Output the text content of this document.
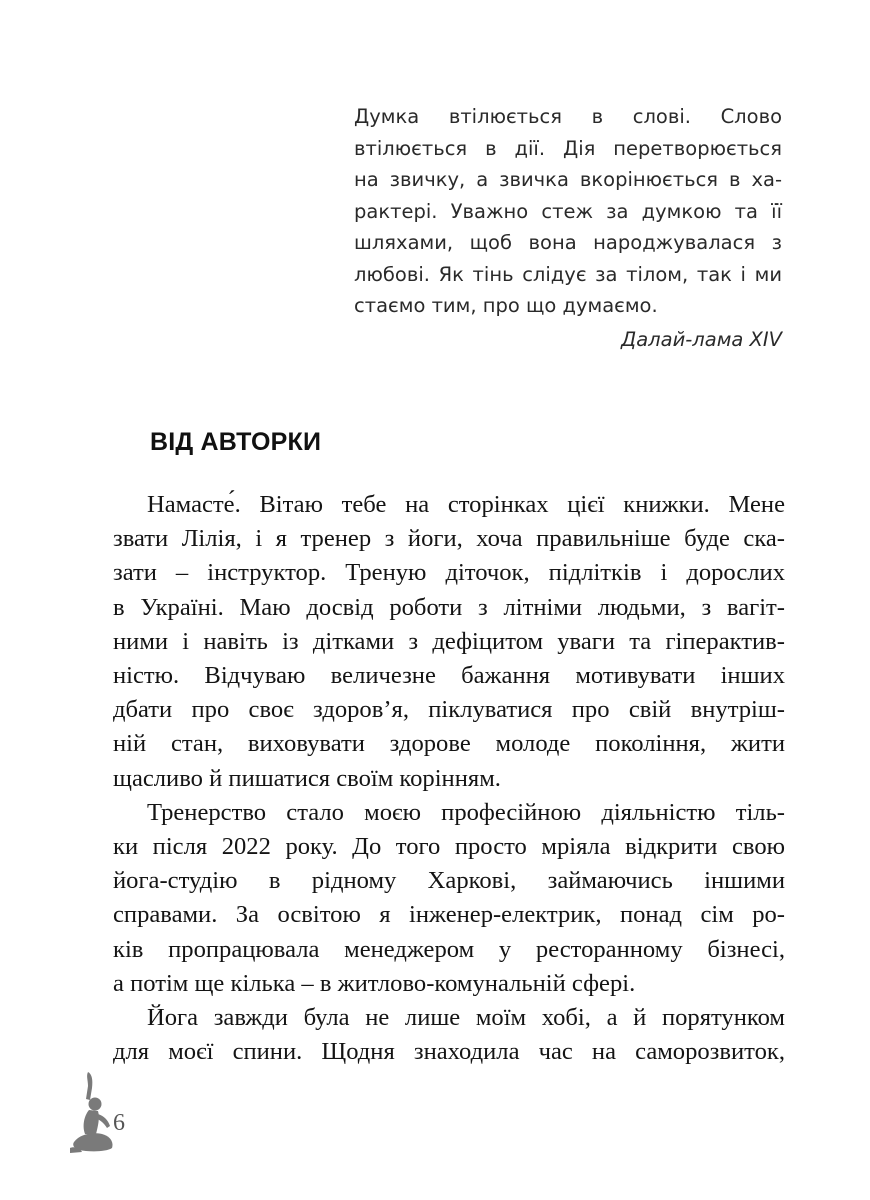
Думка втілюється в слові. Слово
втілюється в дії. Дія перетворюється
на звичку, а звичка вкорінюється в ха-
рактері. Уважно стеж за думкою та її
шляхами, щоб вона народжувалася з
любові. Як тінь слідує за тілом, так і ми
стаємо тим, про що думаємо.
Далай-лама XIV
ВІД АВТОРКИ
Намасте́. Вітаю тебе на сторінках цієї книжки. Мене
звати Лілія, і я тренер з йоги, хоча правильніше буде ска-
зати – інструктор. Треную діточок, підлітків і дорослих
в Україні. Маю досвід роботи з літніми людьми, з вагіт-
ними і навіть із дітками з дефіцитом уваги та гіперактив-
ністю. Відчуваю величезне бажання мотивувати інших
дбати про своє здоров’я, піклуватися про свій внутріш-
ній стан, виховувати здорове молоде покоління, жити
щасливо й пишатися своїм корінням.
Тренерство стало моєю професійною діяльністю тіль-
ки після 2022 року. До того просто мріяла відкрити свою
йога-студію в рідному Харкові, займаючись іншими
справами. За освітою я інженер-електрик, понад сім ро-
ків пропрацювала менеджером у ресторанному бізнесі,
а потім ще кілька – в житлово-комунальній сфері.
Йога завжди була не лише моїм хобі, а й порятунком
для моєї спини. Щодня знаходила час на саморозвиток,
6
